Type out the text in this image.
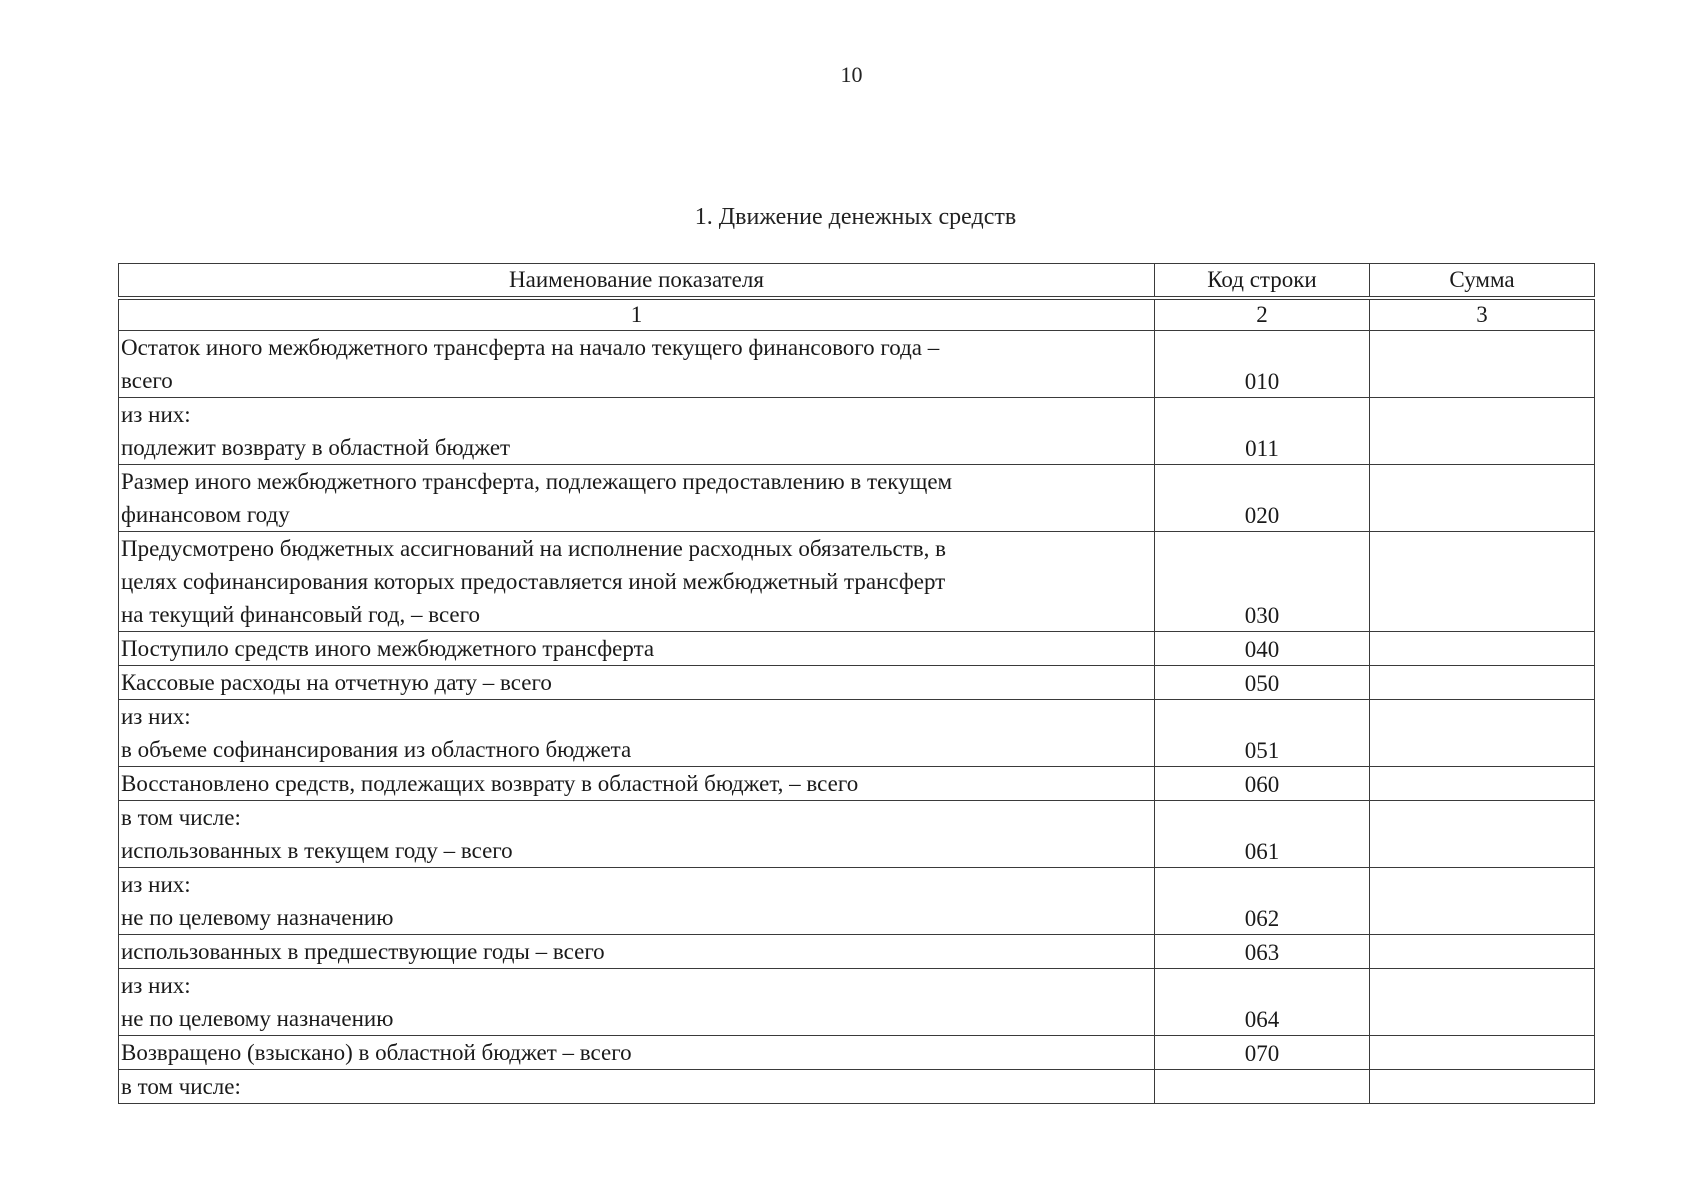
10
1. Движение денежных средств
Наименование показателя	Код строки	Сумма
1	2	3

Остаток иного межбюджетного трансферта на начало текущего финансового года –
всего	010	

из них:
подлежит возврату в областной бюджет	011	

Размер иного межбюджетного трансферта, подлежащего предоставлению в текущем
финансовом году	020	

Предусмотрено бюджетных ассигнований на исполнение расходных обязательств, в
целях софинансирования которых предоставляется иной межбюджетный трансферт
на текущий финансовый год, – всего	030	

Поступило средств иного межбюджетного трансферта	040	

Кассовые расходы на отчетную дату – всего	050	

из них:
в объеме софинансирования из областного бюджета	051	

Восстановлено средств, подлежащих возврату в областной бюджет, – всего	060	

в том числе:
использованных в текущем году – всего	061	

из них:
не по целевому назначению	062	

использованных в предшествующие годы – всего	063	

из них:
не по целевому назначению	064	

Возвращено (взыскано) в областной бюджет – всего	070	

в том числе:		
